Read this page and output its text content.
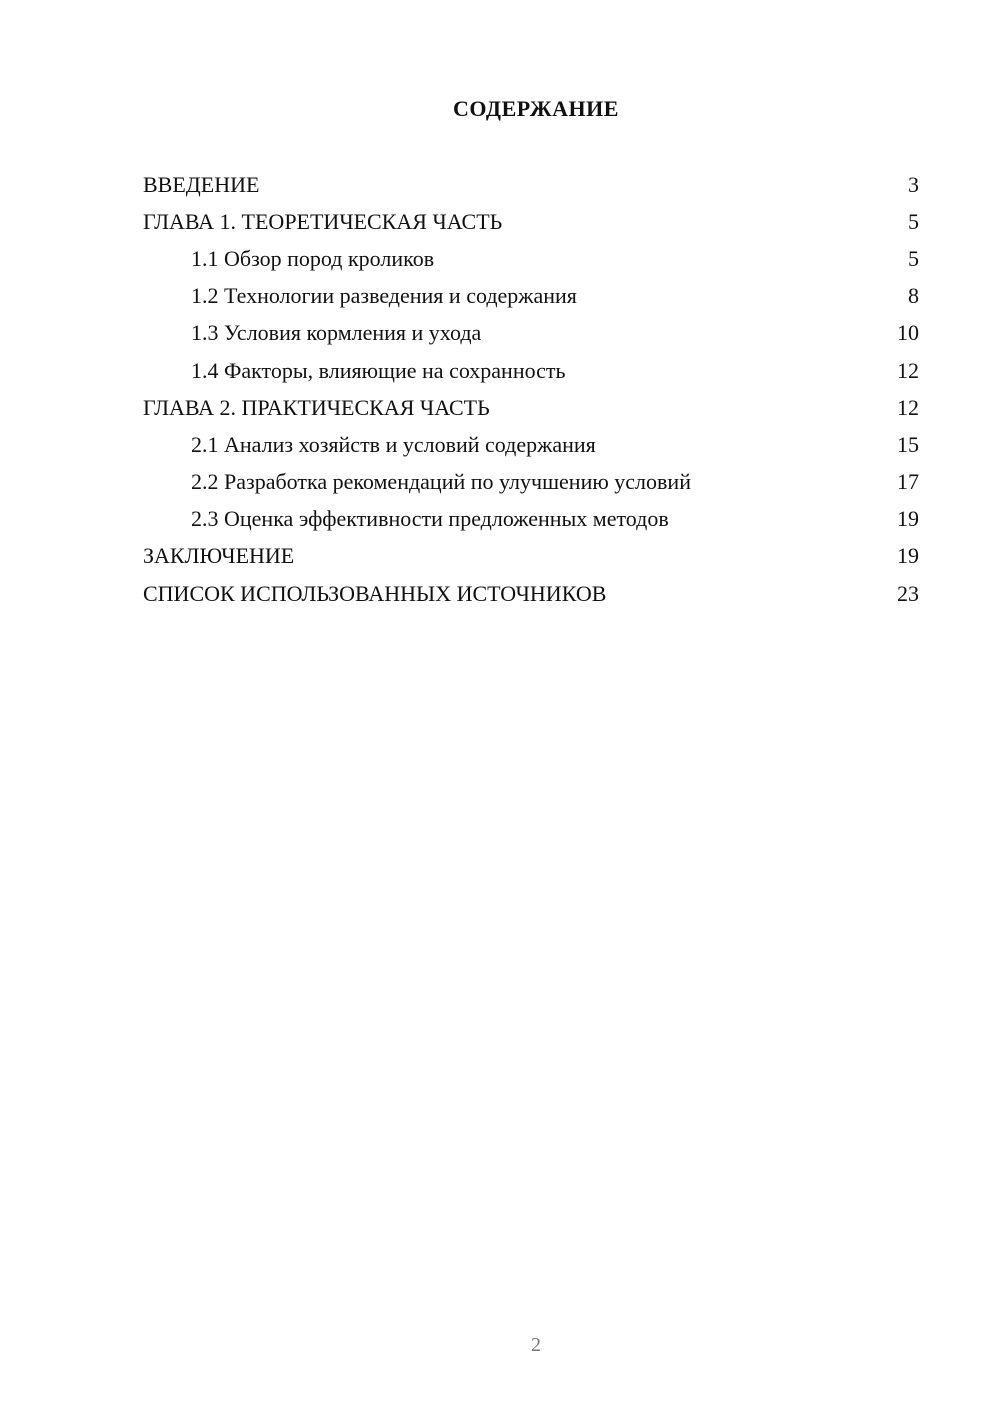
СОДЕРЖАНИЕ
ВВЕДЕНИЕ	3
ГЛАВА 1. ТЕОРЕТИЧЕСКАЯ ЧАСТЬ	5
1.1 Обзор пород кроликов	5
1.2 Технологии разведения и содержания	8
1.3 Условия кормления и ухода	10
1.4 Факторы, влияющие на сохранность	12
ГЛАВА 2. ПРАКТИЧЕСКАЯ ЧАСТЬ	12
2.1 Анализ хозяйств и условий содержания	15
2.2 Разработка рекомендаций по улучшению условий	17
2.3 Оценка эффективности предложенных методов	19
ЗАКЛЮЧЕНИЕ	19
СПИСОК ИСПОЛЬЗОВАННЫХ ИСТОЧНИКОВ	23
2
